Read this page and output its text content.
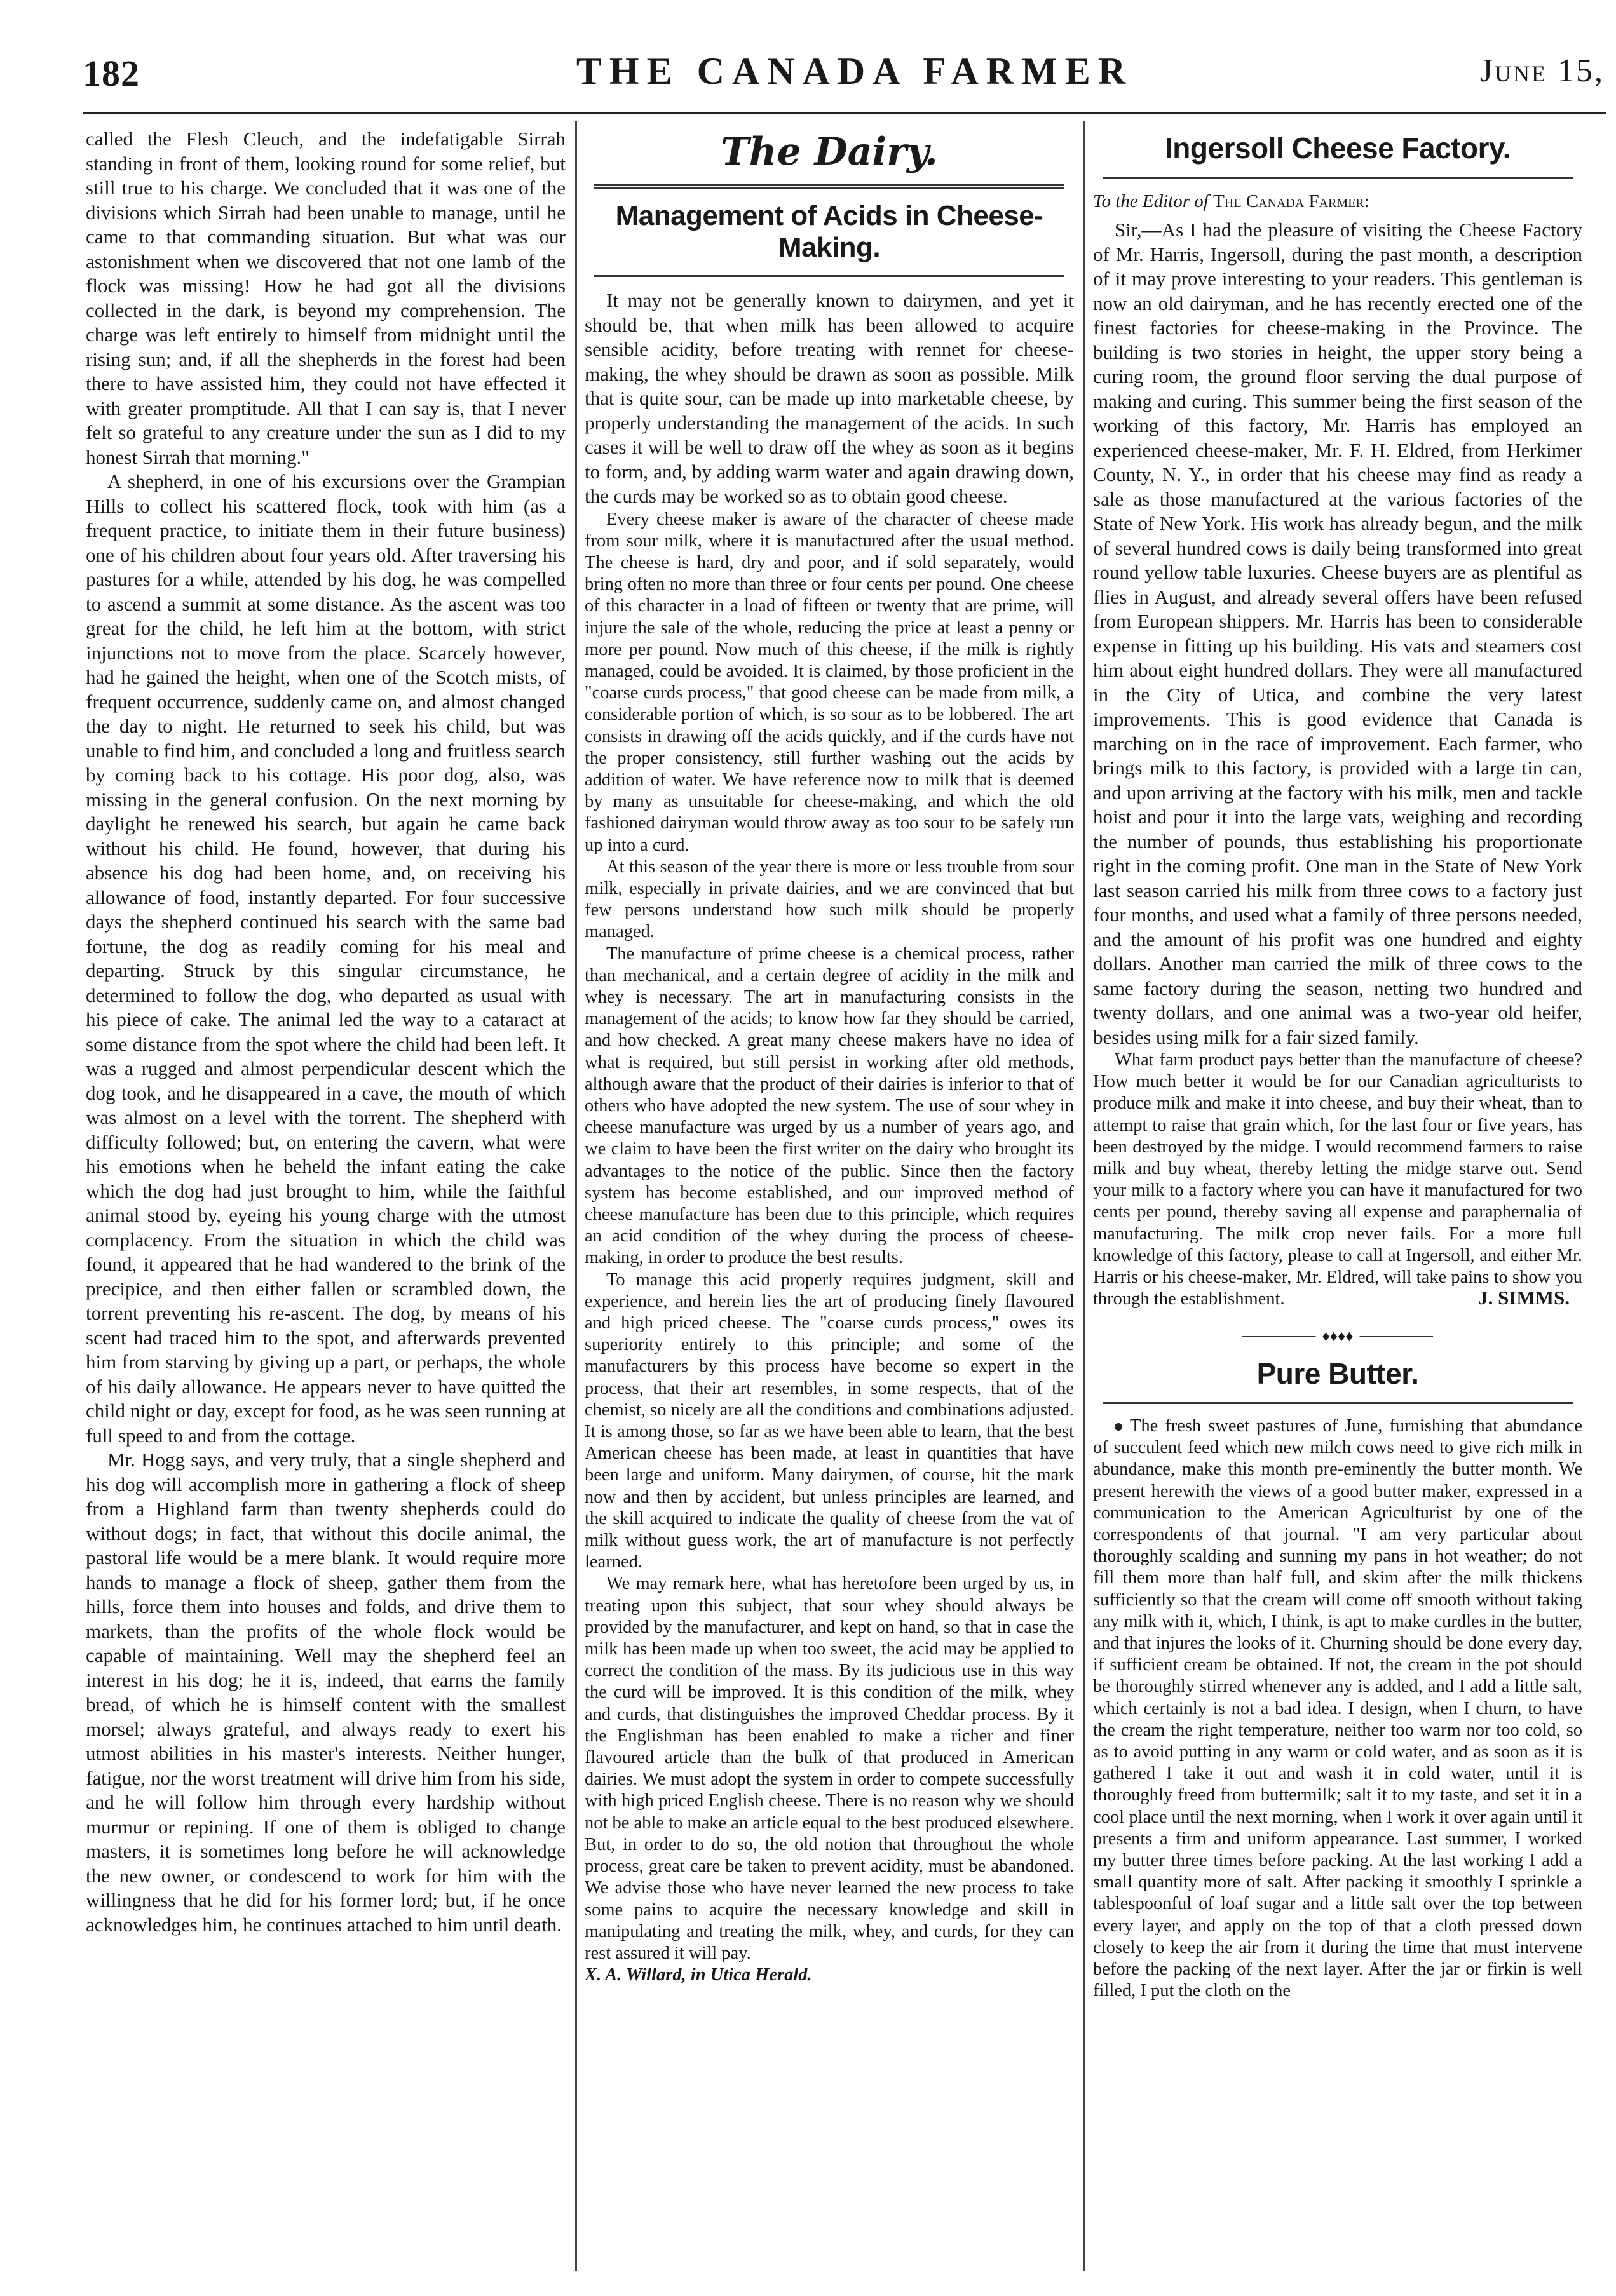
182	THE CANADA FARMER	June 15,

called the Flesh Cleuch, and the indefatigable Sirrah standing in front of them, looking round for some relief, but still true to his charge. We concluded that it was one of the divisions which Sirrah had been unable to manage, until he came to that commanding situation. But what was our astonishment when we discovered that not one lamb of the flock was missing! How he had got all the divisions collected in the dark, is beyond my comprehension. The charge was left entirely to himself from midnight until the rising sun; and, if all the shepherds in the forest had been there to have assisted him, they could not have effected it with greater promptitude. All that I can say is, that I never felt so grateful to any creature under the sun as I did to my honest Sirrah that morning."

A shepherd, in one of his excursions over the Grampian Hills to collect his scattered flock, took with him (as a frequent practice, to initiate them in their future business) one of his children about four years old. After traversing his pastures for a while, attended by his dog, he was compelled to ascend a summit at some distance. As the ascent was too great for the child, he left him at the bottom, with strict injunctions not to move from the place. Scarcely however, had he gained the height, when one of the Scotch mists, of frequent occurrence, suddenly came on, and almost changed the day to night. He returned to seek his child, but was unable to find him, and concluded a long and fruitless search by coming back to his cottage. His poor dog, also, was missing in the general confusion. On the next morning by daylight he renewed his search, but again he came back without his child. He found, however, that during his absence his dog had been home, and, on receiving his allowance of food, instantly departed. For four successive days the shepherd continued his search with the same bad fortune, the dog as readily coming for his meal and departing. Struck by this singular circumstance, he determined to follow the dog, who departed as usual with his piece of cake. The animal led the way to a cataract at some distance from the spot where the child had been left. It was a rugged and almost perpendicular descent which the dog took, and he disappeared in a cave, the mouth of which was almost on a level with the torrent. The shepherd with difficulty followed; but, on entering the cavern, what were his emotions when he beheld the infant eating the cake which the dog had just brought to him, while the faithful animal stood by, eyeing his young charge with the utmost complacency. From the situation in which the child was found, it appeared that he had wandered to the brink of the precipice, and then either fallen or scrambled down, the torrent preventing his re-ascent. The dog, by means of his scent had traced him to the spot, and afterwards prevented him from starving by giving up a part, or perhaps, the whole of his daily allowance. He appears never to have quitted the child night or day, except for food, as he was seen running at full speed to and from the cottage.

Mr. Hogg says, and very truly, that a single shepherd and his dog will accomplish more in gathering a flock of sheep from a Highland farm than twenty shepherds could do without dogs; in fact, that without this docile animal, the pastoral life would be a mere blank. It would require more hands to manage a flock of sheep, gather them from the hills, force them into houses and folds, and drive them to markets, than the profits of the whole flock would be capable of maintaining. Well may the shepherd feel an interest in his dog; he it is, indeed, that earns the family bread, of which he is himself content with the smallest morsel; always grateful, and always ready to exert his utmost abilities in his master's interests. Neither hunger, fatigue, nor the worst treatment will drive him from his side, and he will follow him through every hardship without murmur or repining. If one of them is obliged to change masters, it is sometimes long before he will acknowledge the new owner, or condescend to work for him with the willingness that he did for his former lord; but, if he once acknowledges him, he continues attached to him until death.

The Dairy.
Management of Acids in Cheese-Making.

It may not be generally known to dairymen, and yet it should be, that when milk has been allowed to acquire sensible acidity, before treating with rennet for cheese-making, the whey should be drawn as soon as possible. Milk that is quite sour, can be made up into marketable cheese, by properly understanding the management of the acids. In such cases it will be well to draw off the whey as soon as it begins to form, and, by adding warm water and again drawing down, the curds may be worked so as to obtain good cheese.

Every cheese maker is aware of the character of cheese made from sour milk, where it is manufactured after the usual method. The cheese is hard, dry and poor, and if sold separately, would bring often no more than three or four cents per pound. One cheese of this character in a load of fifteen or twenty that are prime, will injure the sale of the whole, reducing the price at least a penny or more per pound. Now much of this cheese, if the milk is rightly managed, could be avoided. It is claimed, by those proficient in the "coarse curds process," that good cheese can be made from milk, a considerable portion of which, is so sour as to be lobbered. The art consists in drawing off the acids quickly, and if the curds have not the proper consistency, still further washing out the acids by addition of water. We have reference now to milk that is deemed by many as unsuitable for cheese-making, and which the old fashioned dairyman would throw away as too sour to be safely run up into a curd.

At this season of the year there is more or less trouble from sour milk, especially in private dairies, and we are convinced that but few persons understand how such milk should be properly managed.

The manufacture of prime cheese is a chemical process, rather than mechanical, and a certain degree of acidity in the milk and whey is necessary. The art in manufacturing consists in the management of the acids; to know how far they should be carried, and how checked. A great many cheese makers have no idea of what is required, but still persist in working after old methods, although aware that the product of their dairies is inferior to that of others who have adopted the new system. The use of sour whey in cheese manufacture was urged by us a number of years ago, and we claim to have been the first writer on the dairy who brought its advantages to the notice of the public. Since then the factory system has become established, and our improved method of cheese manufacture has been due to this principle, which requires an acid condition of the whey during the process of cheese-making, in order to produce the best results.

To manage this acid properly requires judgment, skill and experience, and herein lies the art of producing finely flavoured and high priced cheese. The "coarse curds process," owes its superiority entirely to this principle; and some of the manufacturers by this process have become so expert in the process, that their art resembles, in some respects, that of the chemist, so nicely are all the conditions and combinations adjusted. It is among those, so far as we have been able to learn, that the best American cheese has been made, at least in quantities that have been large and uniform. Many dairymen, of course, hit the mark now and then by accident, but unless principles are learned, and the skill acquired to indicate the quality of cheese from the vat of milk without guess work, the art of manufacture is not perfectly learned.

We may remark here, what has heretofore been urged by us, in treating upon this subject, that sour whey should always be provided by the manufacturer, and kept on hand, so that in case the milk has been made up when too sweet, the acid may be applied to correct the condition of the mass. By its judicious use in this way the curd will be improved. It is this condition of the milk, whey and curds, that distinguishes the improved Cheddar process. By it the Englishman has been enabled to make a richer and finer flavoured article than the bulk of that produced in American dairies. We must adopt the system in order to compete successfully with high priced English cheese. There is no reason why we should not be able to make an article equal to the best produced elsewhere. But, in order to do so, the old notion that throughout the whole process, great care be taken to prevent acidity, must be abandoned. We advise those who have never learned the new process to take some pains to acquire the necessary knowledge and skill in manipulating and treating the milk, whey, and curds, for they can rest assured it will pay.

X. A. Willard, in Utica Herald.

Ingersoll Cheese Factory.
To the Editor of The Canada Farmer:

Sir,—As I had the pleasure of visiting the Cheese Factory of Mr. Harris, Ingersoll, during the past month, a description of it may prove interesting to your readers. This gentleman is now an old dairyman, and he has recently erected one of the finest factories for cheese-making in the Province. The building is two stories in height, the upper story being a curing room, the ground floor serving the dual purpose of making and curing. This summer being the first season of the working of this factory, Mr. Harris has employed an experienced cheese-maker, Mr. F. H. Eldred, from Herkimer County, N. Y., in order that his cheese may find as ready a sale as those manufactured at the various factories of the State of New York. His work has already begun, and the milk of several hundred cows is daily being transformed into great round yellow table luxuries. Cheese buyers are as plentiful as flies in August, and already several offers have been refused from European shippers. Mr. Harris has been to considerable expense in fitting up his building. His vats and steamers cost him about eight hundred dollars. They were all manufactured in the City of Utica, and combine the very latest improvements. This is good evidence that Canada is marching on in the race of improvement. Each farmer, who brings milk to this factory, is provided with a large tin can, and upon arriving at the factory with his milk, men and tackle hoist and pour it into the large vats, weighing and recording the number of pounds, thus establishing his proportionate right in the coming profit. One man in the State of New York last season carried his milk from three cows to a factory just four months, and used what a family of three persons needed, and the amount of his profit was one hundred and eighty dollars. Another man carried the milk of three cows to the same factory during the season, netting two hundred and twenty dollars, and one animal was a two-year old heifer, besides using milk for a fair sized family.

What farm product pays better than the manufacture of cheese? How much better it would be for our Canadian agriculturists to produce milk and make it into cheese, and buy their wheat, than to attempt to raise that grain which, for the last four or five years, has been destroyed by the midge. I would recommend farmers to raise milk and buy wheat, thereby letting the midge starve out. Send your milk to a factory where you can have it manufactured for two cents per pound, thereby saving all expense and paraphernalia of manufacturing. The milk crop never fails. For a more full knowledge of this factory, please to call at Ingersoll, and either Mr. Harris or his cheese-maker, Mr. Eldred, will take pains to show you through the establishment.	J. SIMMS.
♦♦♦♦
Pure Butter.

The fresh sweet pastures of June, furnishing that abundance of succulent feed which new milch cows need to give rich milk in abundance, make this month pre-eminently the butter month. We present herewith the views of a good butter maker, expressed in a communication to the American Agriculturist by one of the correspondents of that journal. "I am very particular about thoroughly scalding and sunning my pans in hot weather; do not fill them more than half full, and skim after the milk thickens sufficiently so that the cream will come off smooth without taking any milk with it, which, I think, is apt to make curdles in the butter, and that injures the looks of it. Churning should be done every day, if sufficient cream be obtained. If not, the cream in the pot should be thoroughly stirred whenever any is added, and I add a little salt, which certainly is not a bad idea. I design, when I churn, to have the cream the right temperature, neither too warm nor too cold, so as to avoid putting in any warm or cold water, and as soon as it is gathered I take it out and wash it in cold water, until it is thoroughly freed from buttermilk; salt it to my taste, and set it in a cool place until the next morning, when I work it over again until it presents a firm and uniform appearance. Last summer, I worked my butter three times before packing. At the last working I add a small quantity more of salt. After packing it smoothly I sprinkle a tablespoonful of loaf sugar and a little salt over the top between every layer, and apply on the top of that a cloth pressed down closely to keep the air from it during the time that must intervene before the packing of the next layer. After the jar or firkin is well filled, I put the cloth on the
